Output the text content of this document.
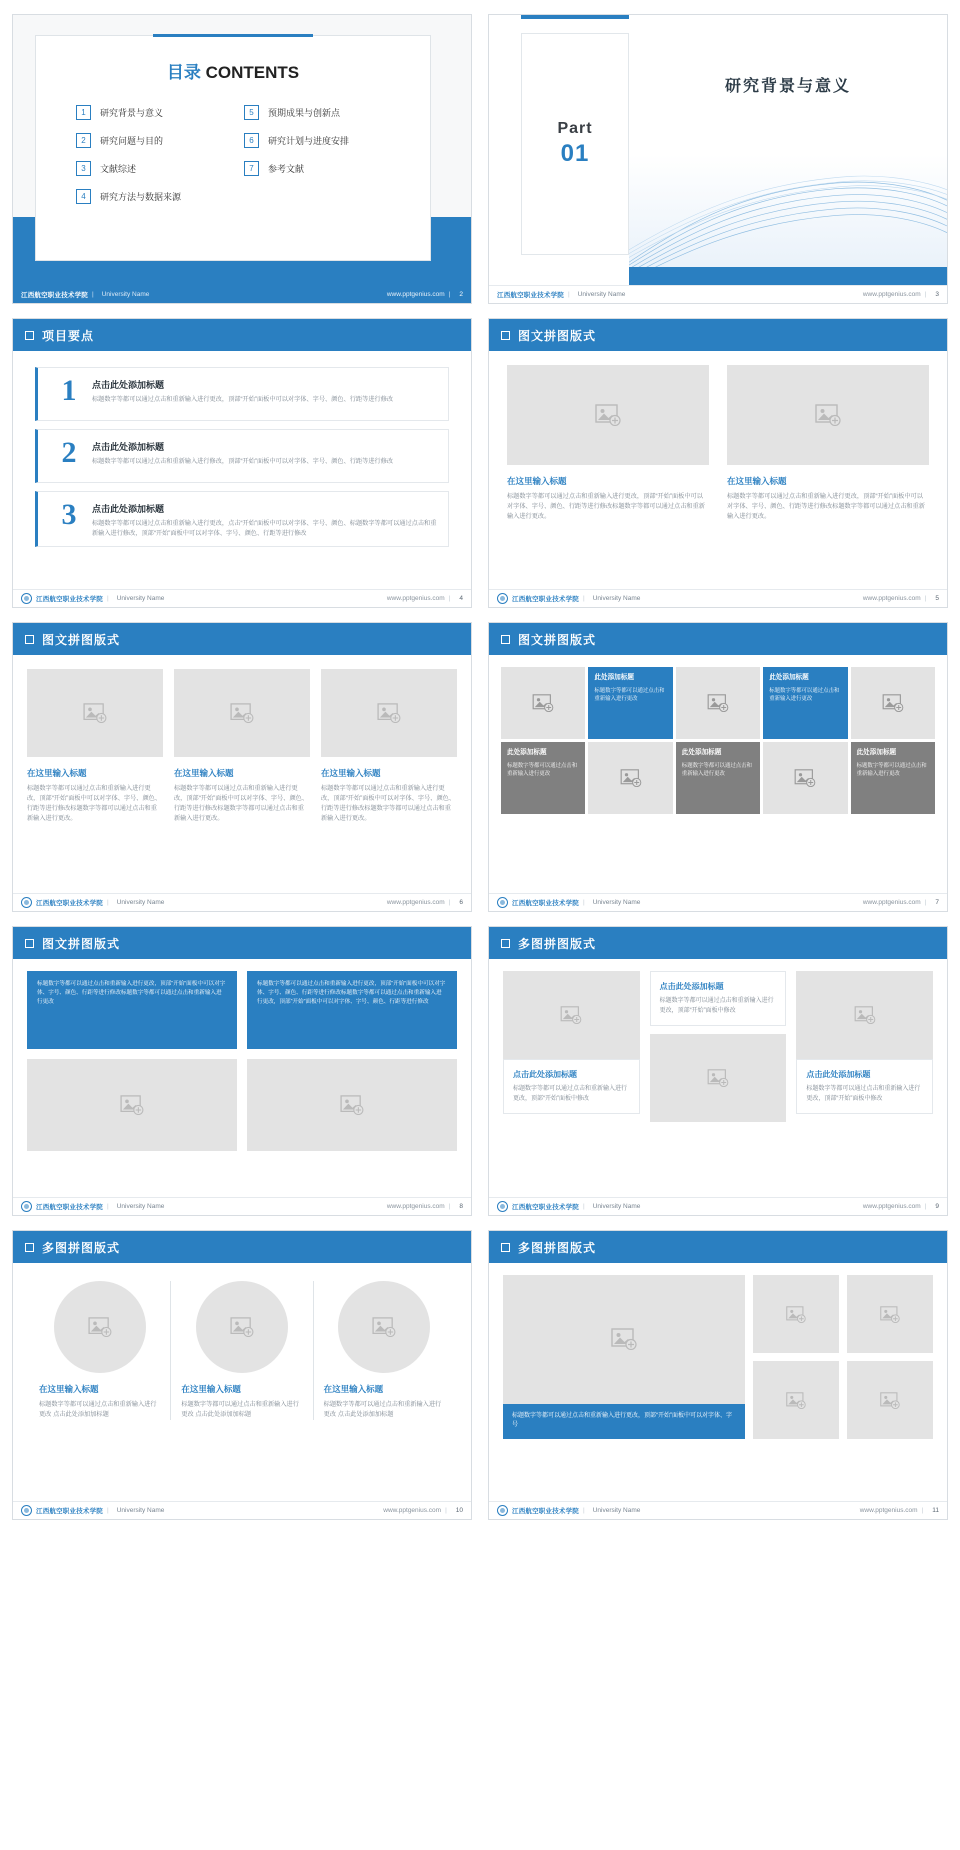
目录 CONTENTS
1	研究背景与意义
2	研究问题与目的
3	文献综述
4	研究方法与数据来源
5	预期成果与创新点
6	研究计划与进度安排
7	参考文献
江西航空职业技术学院 | University Name	www.pptgenius.com | 2
研究背景与意义
Part
01
江西航空职业技术学院 | University Name	www.pptgenius.com | 3
项目要点
1	点击此处添加标题
标题数字等都可以通过点击和重新输入进行更改，顶部“开始”面板中可以对字体、字号、颜色、行距等进行修改
2	点击此处添加标题
标题数字等都可以通过点击和重新输入进行修改，顶部“开始”面板中可以对字体、字号、颜色、行距等进行修改
3	点击此处添加标题
标题数字等都可以通过点击和重新输入进行更改，点击“开始”面板中可以对字体、字号、颜色、标题数字等都可以通过点击和重新输入进行修改，顶部“开始”面板中可以对字体、字号、颜色、行距等进行修改
江西航空职业技术学院 | University Name	www.pptgenius.com | 4
图文拼图版式
在这里输入标题
标题数字等都可以通过点击和重新输入进行更改，顶部“开始”面板中可以对字体、字号、颜色、行距等进行修改标题数字等都可以通过点击和重新输入进行更改。
在这里输入标题
标题数字等都可以通过点击和重新输入进行更改，顶部“开始”面板中可以对字体、字号、颜色、行距等进行修改标题数字等都可以通过点击和重新输入进行更改。
江西航空职业技术学院 | University Name	www.pptgenius.com | 5
图文拼图版式
在这里输入标题
标题数字等都可以通过点击和重新输入进行更改，顶部“开始”面板中可以对字体、字号、颜色、行距等进行修改标题数字等都可以通过点击和重新输入进行更改。
在这里输入标题
标题数字等都可以通过点击和重新输入进行更改，顶部“开始”面板中可以对字体、字号、颜色、行距等进行修改标题数字等都可以通过点击和重新输入进行更改。
在这里输入标题
标题数字等都可以通过点击和重新输入进行更改，顶部“开始”面板中可以对字体、字号、颜色、行距等进行修改标题数字等都可以通过点击和重新输入进行更改。
江西航空职业技术学院 | University Name	www.pptgenius.com | 6
图文拼图版式
此处添加标题
标题数字等都可以通过点击和重新输入进行更改
此处添加标题
标题数字等都可以通过点击和重新输入进行更改
此处添加标题
标题数字等都可以通过点击和重新输入进行更改
此处添加标题
标题数字等都可以通过点击和重新输入进行更改
此处添加标题
标题数字等都可以通过点击和重新输入进行更改
江西航空职业技术学院 | University Name	www.pptgenius.com | 7
图文拼图版式
标题数字等都可以通过点击和重新输入进行更改，顶部“开始”面板中可以对字体、字号、颜色、行距等进行修改标题数字等都可以通过点击和重新输入进行更改
标题数字等都可以通过点击和重新输入进行更改，顶部“开始”面板中可以对字体、字号、颜色、行距等进行修改标题数字等都可以通过点击和重新输入进行更改，顶部“开始”面板中可以对字体、字号、颜色、行距等进行修改
江西航空职业技术学院 | University Name	www.pptgenius.com | 8
多图拼图版式
点击此处添加标题
标题数字等都可以通过点击和重新输入进行更改，顶部“开始”面板中修改
点击此处添加标题
标题数字等都可以通过点击和重新输入进行更改，顶部“开始”面板中修改
点击此处添加标题
标题数字等都可以通过点击和重新输入进行更改，顶部“开始”面板中修改
江西航空职业技术学院 | University Name	www.pptgenius.com | 9
多图拼图版式
在这里输入标题
标题数字等都可以通过点击和重新输入进行更改 点击此处添加加标题
在这里输入标题
标题数字等都可以通过点击和重新输入进行更改 点击此处添加加标题
在这里输入标题
标题数字等都可以通过点击和重新输入进行更改 点击此处添加加标题
江西航空职业技术学院 | University Name	www.pptgenius.com | 10
多图拼图版式
标题数字等都可以通过点击和重新输入进行更改，顶部“开始”面板中可以对字体、字号
江西航空职业技术学院 | University Name	www.pptgenius.com | 11
